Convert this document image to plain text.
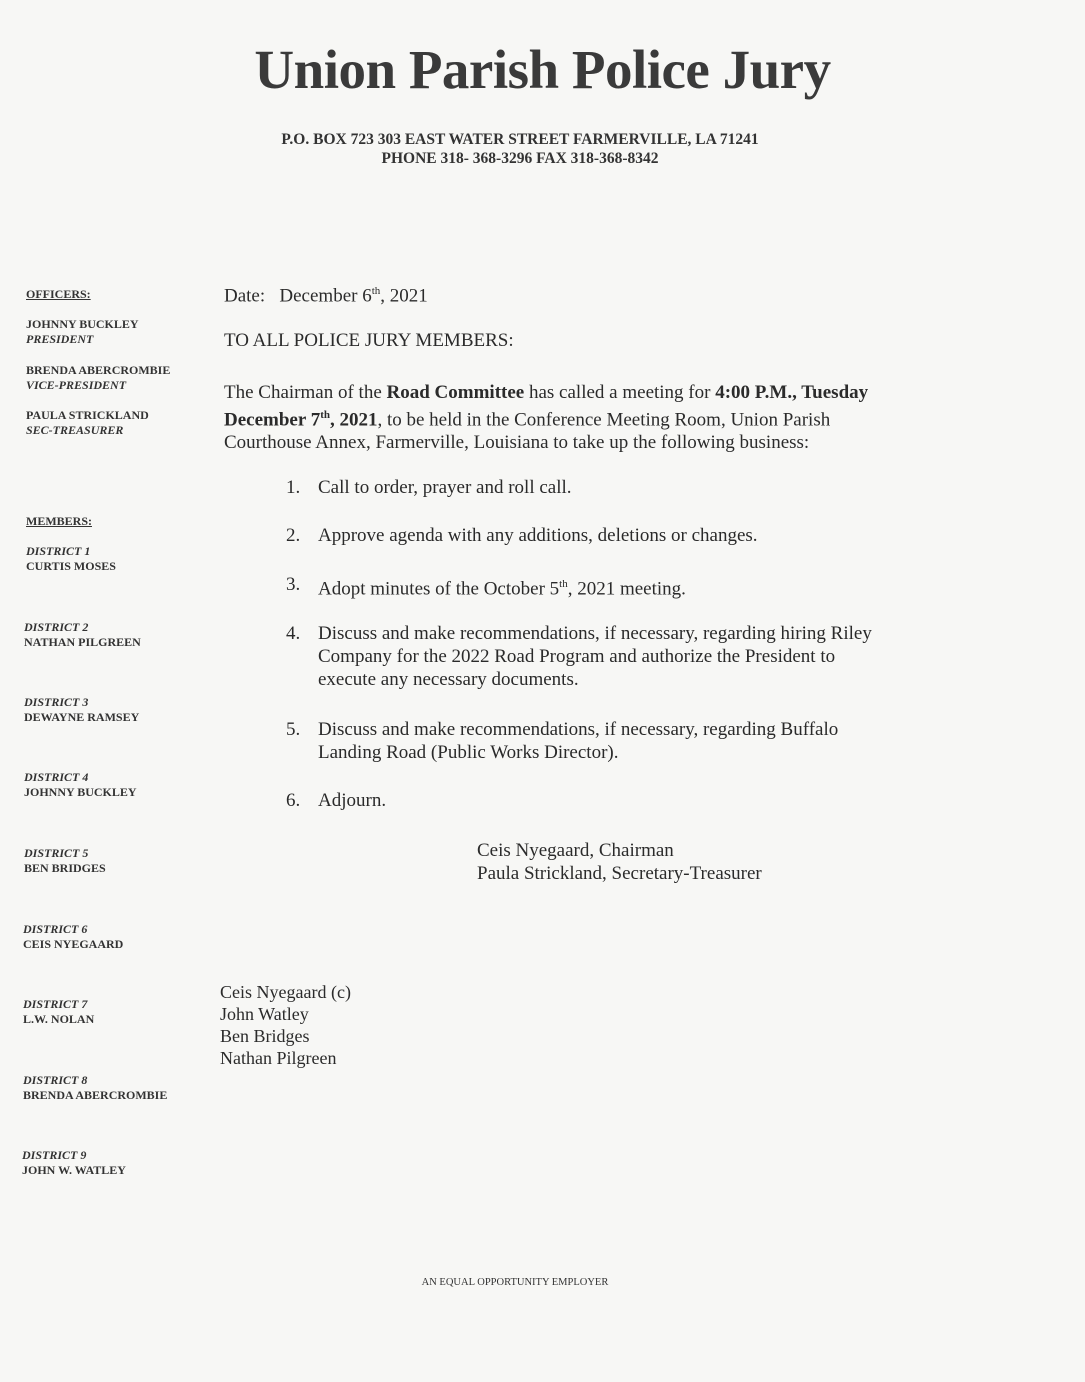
Union Parish Police Jury
P.O. BOX 723 303 EAST WATER STREET FARMERVILLE, LA 71241
PHONE 318- 368-3296 FAX 318-368-8342
OFFICERS:
JOHNNY BUCKLEY
PRESIDENT
BRENDA ABERCROMBIE
VICE-PRESIDENT
PAULA STRICKLAND
SEC-TREASURER
MEMBERS:
DISTRICT 1
CURTIS MOSES
DISTRICT 2
NATHAN PILGREEN
DISTRICT 3
DEWAYNE RAMSEY
DISTRICT 4
JOHNNY BUCKLEY
DISTRICT 5
BEN BRIDGES
DISTRICT 6
CEIS NYEGAARD
DISTRICT 7
L.W. NOLAN
DISTRICT 8
BRENDA ABERCROMBIE
DISTRICT 9
JOHN W. WATLEY
Date: December 6th, 2021
TO ALL POLICE JURY MEMBERS:
The Chairman of the Road Committee has called a meeting for 4:00 P.M., Tuesday
December 7th, 2021, to be held in the Conference Meeting Room, Union Parish
Courthouse Annex, Farmerville, Louisiana to take up the following business:
1. Call to order, prayer and roll call.
2. Approve agenda with any additions, deletions or changes.
3. Adopt minutes of the October 5th, 2021 meeting.
4. Discuss and make recommendations, if necessary, regarding hiring Riley
Company for the 2022 Road Program and authorize the President to
execute any necessary documents.
5. Discuss and make recommendations, if necessary, regarding Buffalo
Landing Road (Public Works Director).
6. Adjourn.
Ceis Nyegaard, Chairman
Paula Strickland, Secretary-Treasurer
Ceis Nyegaard (c)
John Watley
Ben Bridges
Nathan Pilgreen
AN EQUAL OPPORTUNITY EMPLOYER
